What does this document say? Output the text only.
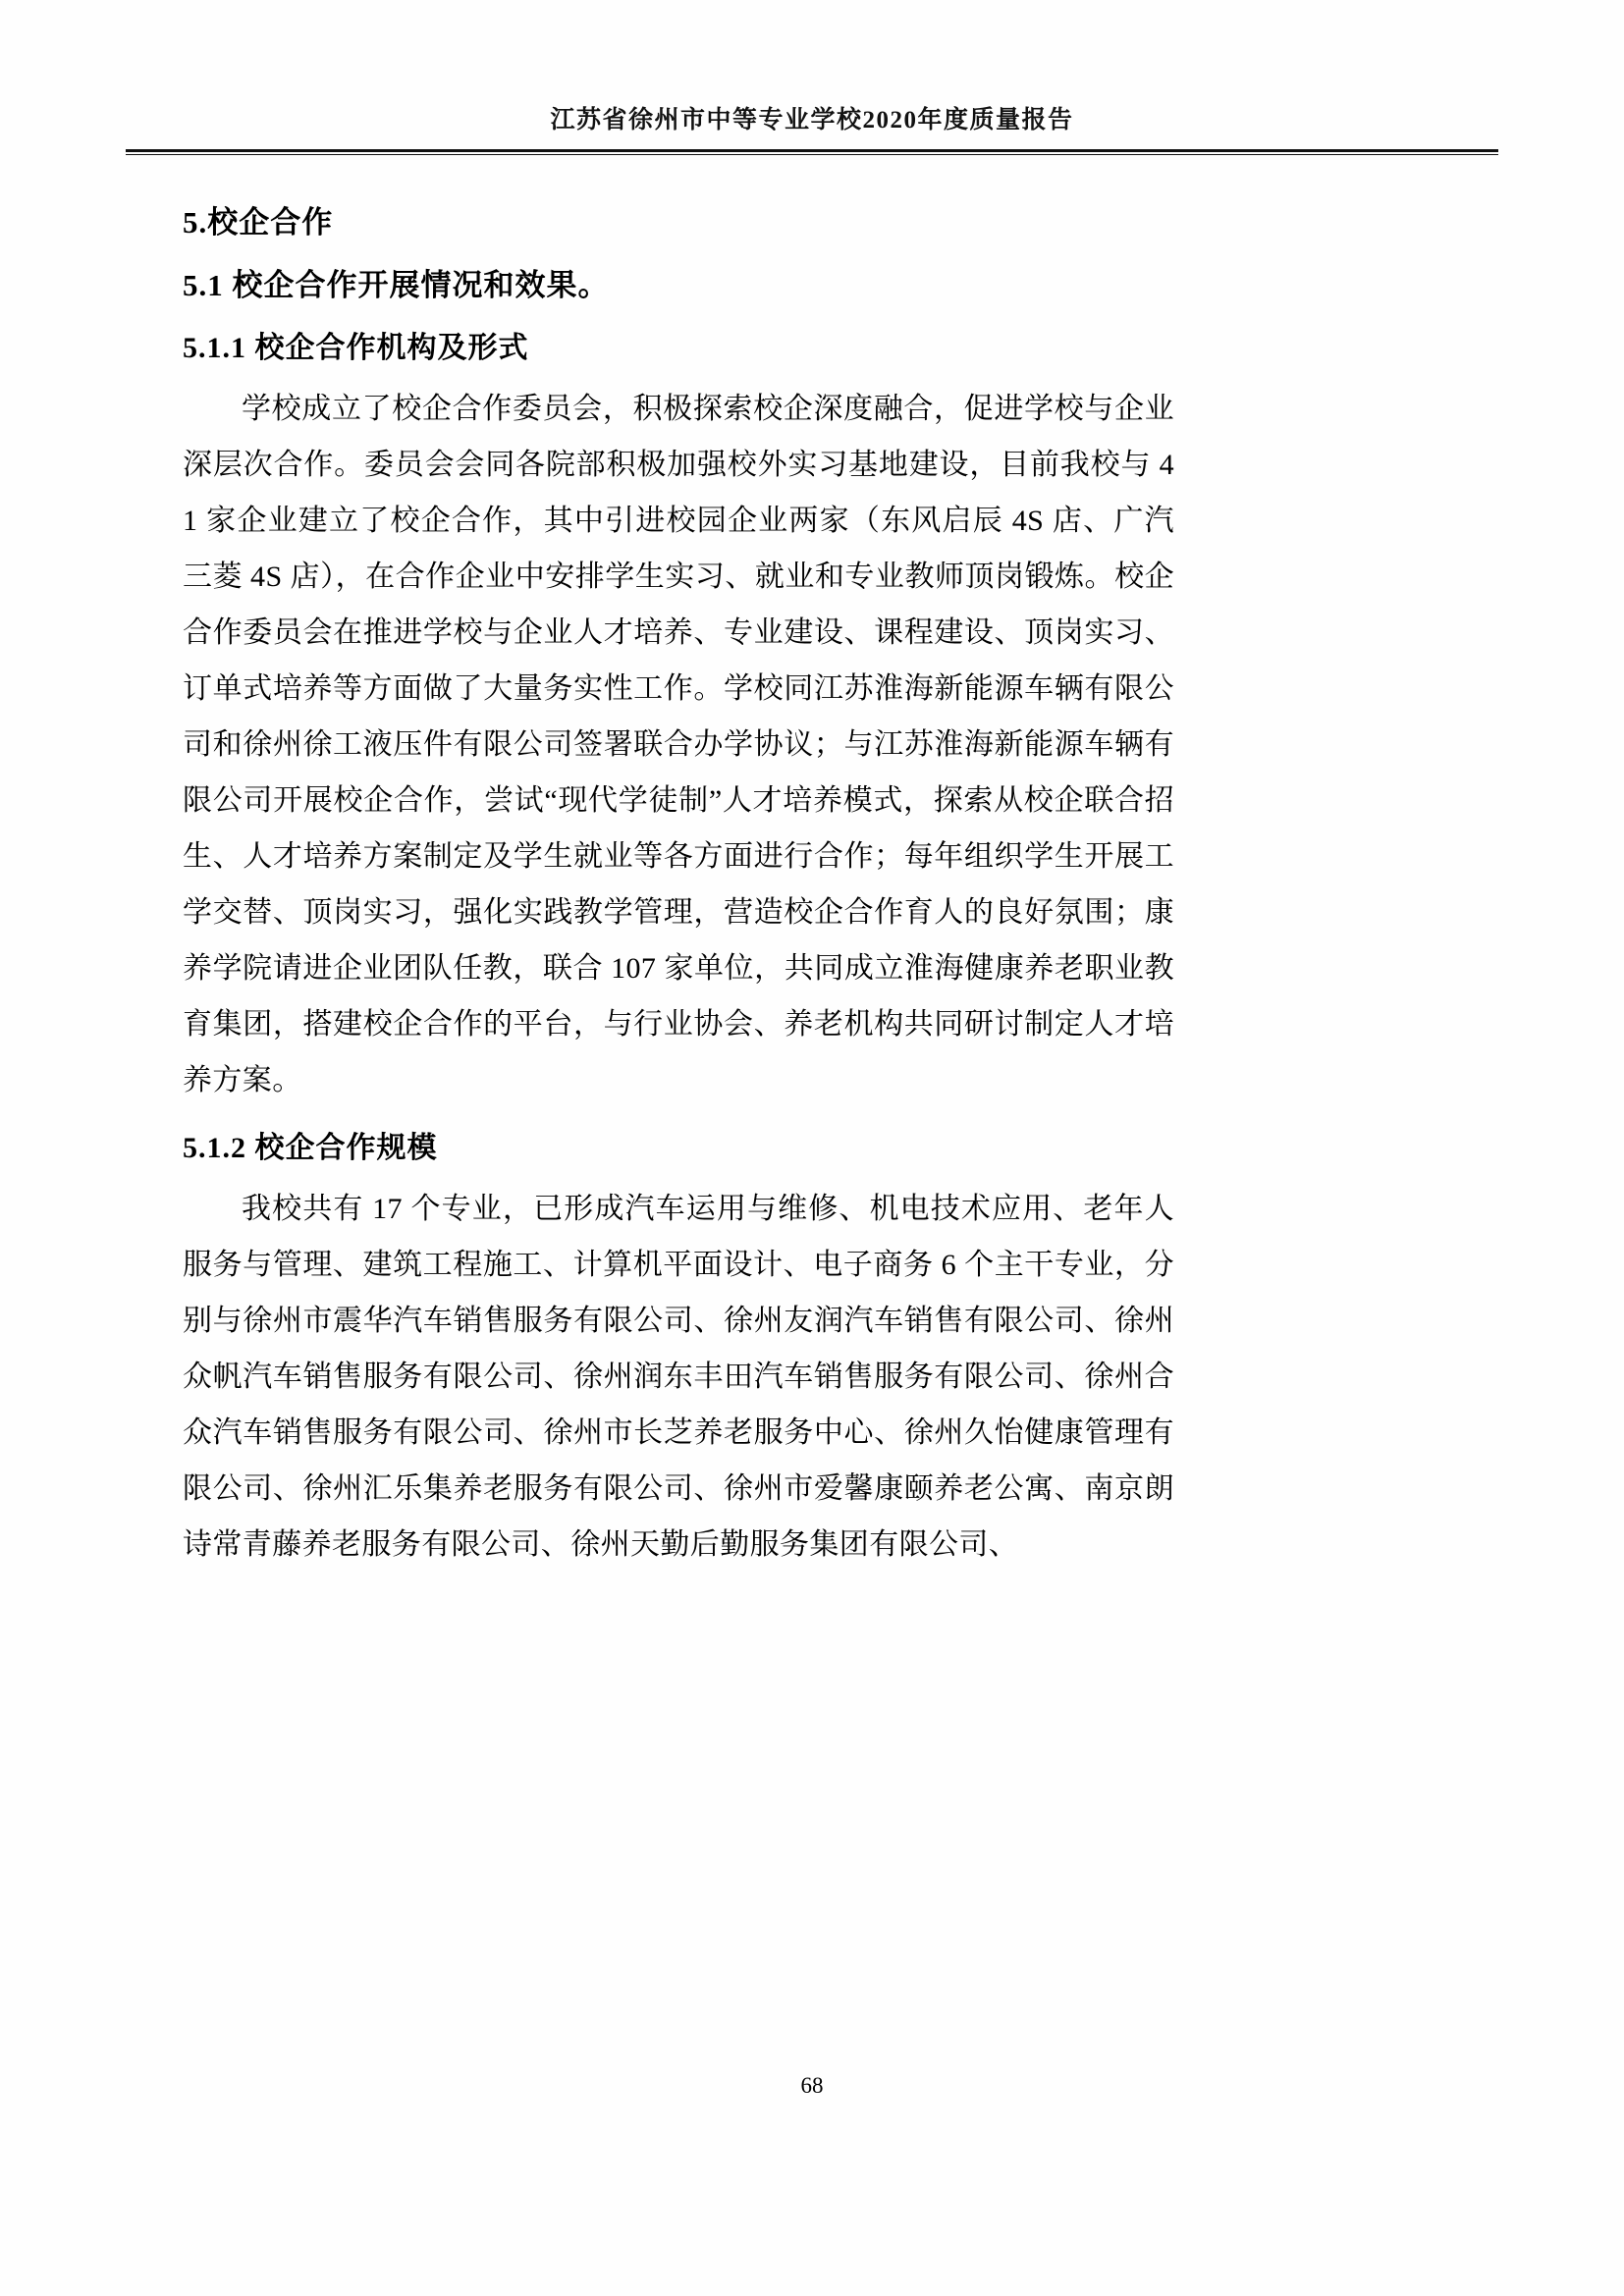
江苏省徐州市中等专业学校2020年度质量报告
5.校企合作
5.1 校企合作开展情况和效果。
5.1.1 校企合作机构及形式

学校成立了校企合作委员会，积极探索校企深度融合，促进学校与企业深层次合作。委员会会同各院部积极加强校外实习基地建设，目前我校与 41 家企业建立了校企合作，其中引进校园企业两家（东风启辰 4S 店、广汽三菱 4S 店），在合作企业中安排学生实习、就业和专业教师顶岗锻炼。校企合作委员会在推进学校与企业人才培养、专业建设、课程建设、顶岗实习、订单式培养等方面做了大量务实性工作。学校同江苏淮海新能源车辆有限公司和徐州徐工液压件有限公司签署联合办学协议；与江苏淮海新能源车辆有限公司开展校企合作，尝试“现代学徒制”人才培养模式，探索从校企联合招生、人才培养方案制定及学生就业等各方面进行合作；每年组织学生开展工学交替、顶岗实习，强化实践教学管理，营造校企合作育人的良好氛围；康养学院请进企业团队任教，联合 107 家单位，共同成立淮海健康养老职业教育集团，搭建校企合作的平台，与行业协会、养老机构共同研讨制定人才培养方案。

5.1.2 校企合作规模

我校共有 17 个专业，已形成汽车运用与维修、机电技术应用、老年人服务与管理、建筑工程施工、计算机平面设计、电子商务 6 个主干专业，分别与徐州市震华汽车销售服务有限公司、徐州友润汽车销售有限公司、徐州众帆汽车销售服务有限公司、徐州润东丰田汽车销售服务有限公司、徐州合众汽车销售服务有限公司、徐州市长芝养老服务中心、徐州久怡健康管理有限公司、徐州汇乐集养老服务有限公司、徐州市爱馨康颐养老公寓、南京朗诗常青藤养老服务有限公司、徐州天勤后勤服务集团有限公司、

68
